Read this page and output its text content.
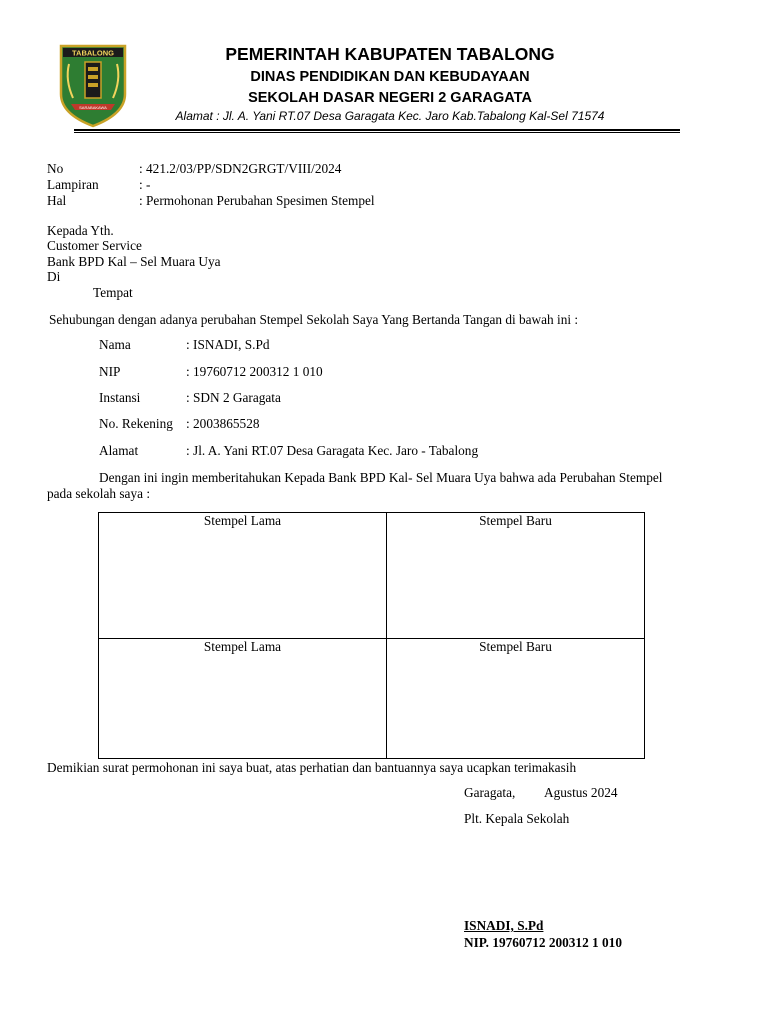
TABALONG
SARABAKAWA
PEMERINTAH KABUPATEN TABALONG
DINAS PENDIDIKAN DAN KEBUDAYAAN
SEKOLAH DASAR NEGERI 2 GARAGATA
Alamat : Jl. A. Yani RT.07 Desa Garagata Kec. Jaro Kab.Tabalong Kal-Sel 71574
No	: 421.2/03/PP/SDN2GRGT/VIII/2024
Lampiran	: -
Hal	: Permohonan Perubahan Spesimen Stempel
Kepada Yth.
Customer Service
Bank BPD Kal – Sel Muara Uya
Di
Tempat
Sehubungan dengan adanya perubahan Stempel Sekolah Saya Yang Bertanda Tangan di bawah ini :
Nama	: ISNADI, S.Pd
NIP	: 19760712 200312 1 010
Instansi	: SDN 2 Garagata
No. Rekening : 2003865528
Alamat	: Jl. A. Yani RT.07 Desa Garagata Kec. Jaro - Tabalong
Dengan ini ingin memberitahukan Kepada Bank BPD Kal- Sel Muara Uya bahwa ada Perubahan Stempel
pada sekolah saya :
Stempel Lama	Stempel Baru

Stempel Lama	Stempel Baru
Demikian surat permohonan ini saya buat, atas perhatian dan bantuannya saya ucapkan terimakasih
Garagata, Agustus 2024
Plt. Kepala Sekolah
ISNADI, S.Pd
NIP. 19760712 200312 1 010
